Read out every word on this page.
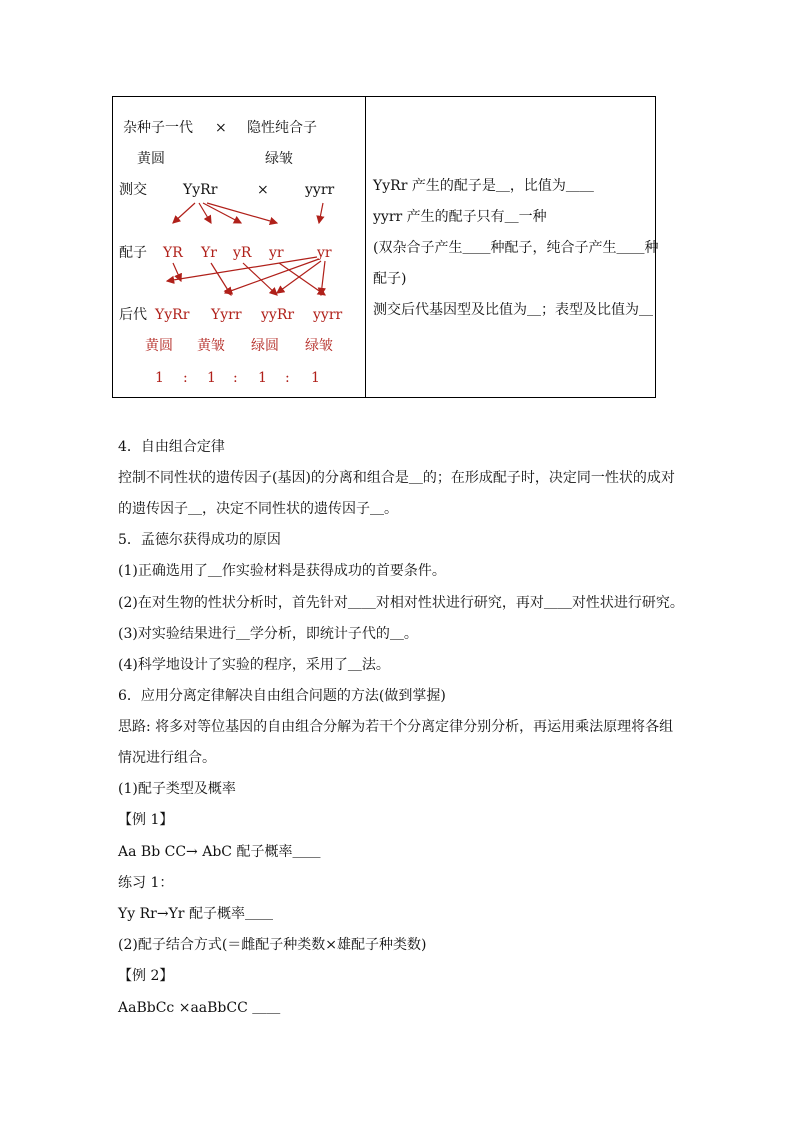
杂种子一代 × 隐性纯合子
黄圆	绿皱
测交	YyRr	×	yyrr
配子 YR Yr yR yr yr
后代 YyRr Yyrr yyRr yyrr
黄圆 黄皱 绿圆 绿皱
1 : 1 : 1 : 1
YyRr 产生的配子是＿，比值为＿＿
yyrr 产生的配子只有＿一种
(双杂合子产生＿＿种配子，纯合子产生＿＿种
配子)
测交后代基因型及比值为＿；表型及比值为＿
4．自由组合定律
控制不同性状的遗传因子(基因)的分离和组合是＿的；在形成配子时，决定同一性状的成对
的遗传因子＿，决定不同性状的遗传因子＿。
5．孟德尔获得成功的原因
(1)正确选用了＿作实验材料是获得成功的首要条件。
(2)在对生物的性状分析时，首先针对＿＿对相对性状进行研究，再对＿＿对性状进行研究。
(3)对实验结果进行＿学分析，即统计子代的＿。
(4)科学地设计了实验的程序，采用了＿法。
6．应用分离定律解决自由组合问题的方法(做到掌握)
思路: 将多对等位基因的自由组合分解为若干个分离定律分别分析，再运用乘法原理将各组
情况进行组合。
(1)配子类型及概率
【例 1】
Aa Bb CC→ AbC 配子概率＿＿
练习 1：
Yy Rr→Yr 配子概率＿＿
(2)配子结合方式(＝雌配子种类数×雄配子种类数)
【例 2】
AaBbCc ×aaBbCC ＿＿
